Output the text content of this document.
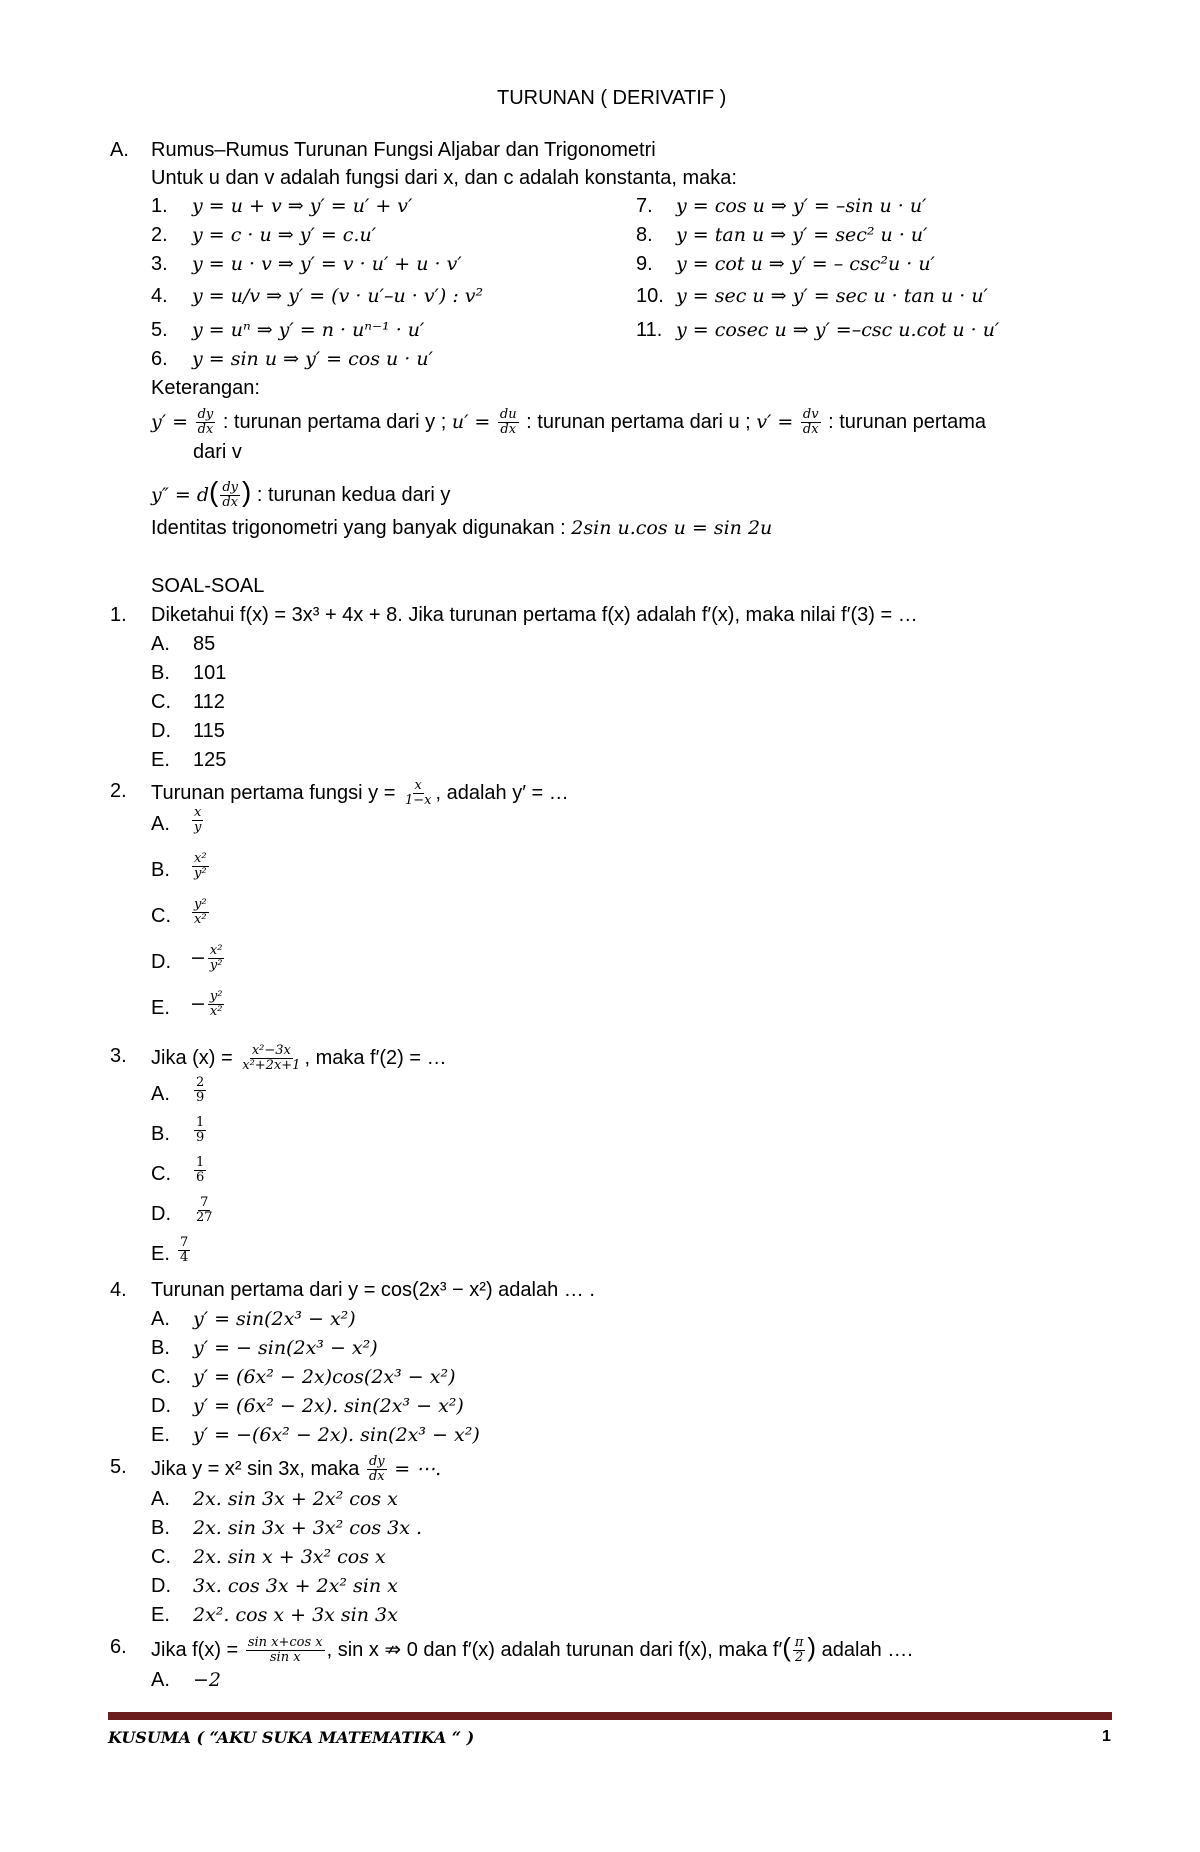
TURUNAN ( DERIVATIF )
A. Rumus–Rumus Turunan Fungsi Aljabar dan Trigonometri
Untuk u dan v adalah fungsi dari x, dan c adalah konstanta, maka:
1. y = u + v ⇒ y′ = u′ + v′
2. y = c · u ⇒ y′ = c.u′
3. y = u · v ⇒ y′ = v · u′ + u · v′
4. y = u/v ⇒ y′ = (v · u′–u · v′) : v²
5. y = uⁿ ⇒ y′ = n · uⁿ⁻¹ · u′
6. y = sin u ⇒ y′ = cos u · u′
7. y = cos u ⇒ y′ = –sin u · u′
8. y = tan u ⇒ y′ = sec² u · u′
9. y = cot u ⇒ y′ = – csc²u · u′
10. y = sec u ⇒ y′ = sec u · tan u · u′
11. y = cosec u ⇒ y′ =–csc u.cot u · u′
Keterangan:
$y' = \frac{dy}{dx}$ : turunan pertama dari y ; $u' = \frac{du}{dx}$ : turunan pertama dari u ; $v' = \frac{dv}{dx}$ : turunan pertama
dari v
$y'' = d( \frac{dy}{dx}$ ) : turunan kedua dari y
Identitas trigonometri yang banyak digunakan : 2sin u.cos u = sin 2u
SOAL-SOAL
1. Diketahui f(x) = 3x³ + 4x + 8. Jika turunan pertama f(x) adalah f′(x), maka nilai f′(3) = …
A. 85
B. 101
C. 112
D. 115
E. 125
2. Turunan pertama fungsi $y = \frac{x}{1-x}$ , adalah y′ = …
A. $\frac{x}{y}$
B. $\frac{\text{x²}}{\text{y²}}$
C. $\frac{\text{y²}}{\text{x²}}$
D. − $\frac{\text{x²}}{\text{y²}}$
E. − $\frac{\text{y²}}{\text{x²}}$
3. Jika $(x) = \frac{\text{x²−3x}}{\text{x²+2x+1}}$ , maka f′(2) = …
A. $\frac{2}{9}$
B. $\frac{1}{9}$
C. $\frac{1}{6}$
D. $\frac{7}{27}$
E. $\frac{7}{4}$
4. Turunan pertama dari y = cos(2x³ − x²) adalah … .
A. y′ = sin(2x³ − x²)
B. y′ = − sin(2x³ − x²)
C. y′ = (6x² − 2x)cos(2x³ − x²)
D. y′ = (6x² − 2x). sin(2x³ − x²)
E. y′ = −(6x² − 2x). sin(2x³ − x²)
5. Jika y = x² sin 3x, maka $\frac{dy}{dx}$ = ⋯.
A. 2x. sin 3x + 2x² cos x
B. 2x. sin 3x + 3x² cos 3x .
C. 2x. sin x + 3x² cos x
D. 3x. cos 3x + 2x² sin x
E. 2x². cos x + 3x sin 3x
6. Jika $f(x) = \frac{\text{sin x+cos x}}{\text{sin x}}$ , sin x ⇏ 0 dan f′(x) adalah turunan dari f(x), maka $f'( \frac{\pi}{2}$ ) adalah ….
A. −2
KUSUMA ( “AKU SUKA MATEMATIKA “ )	1
